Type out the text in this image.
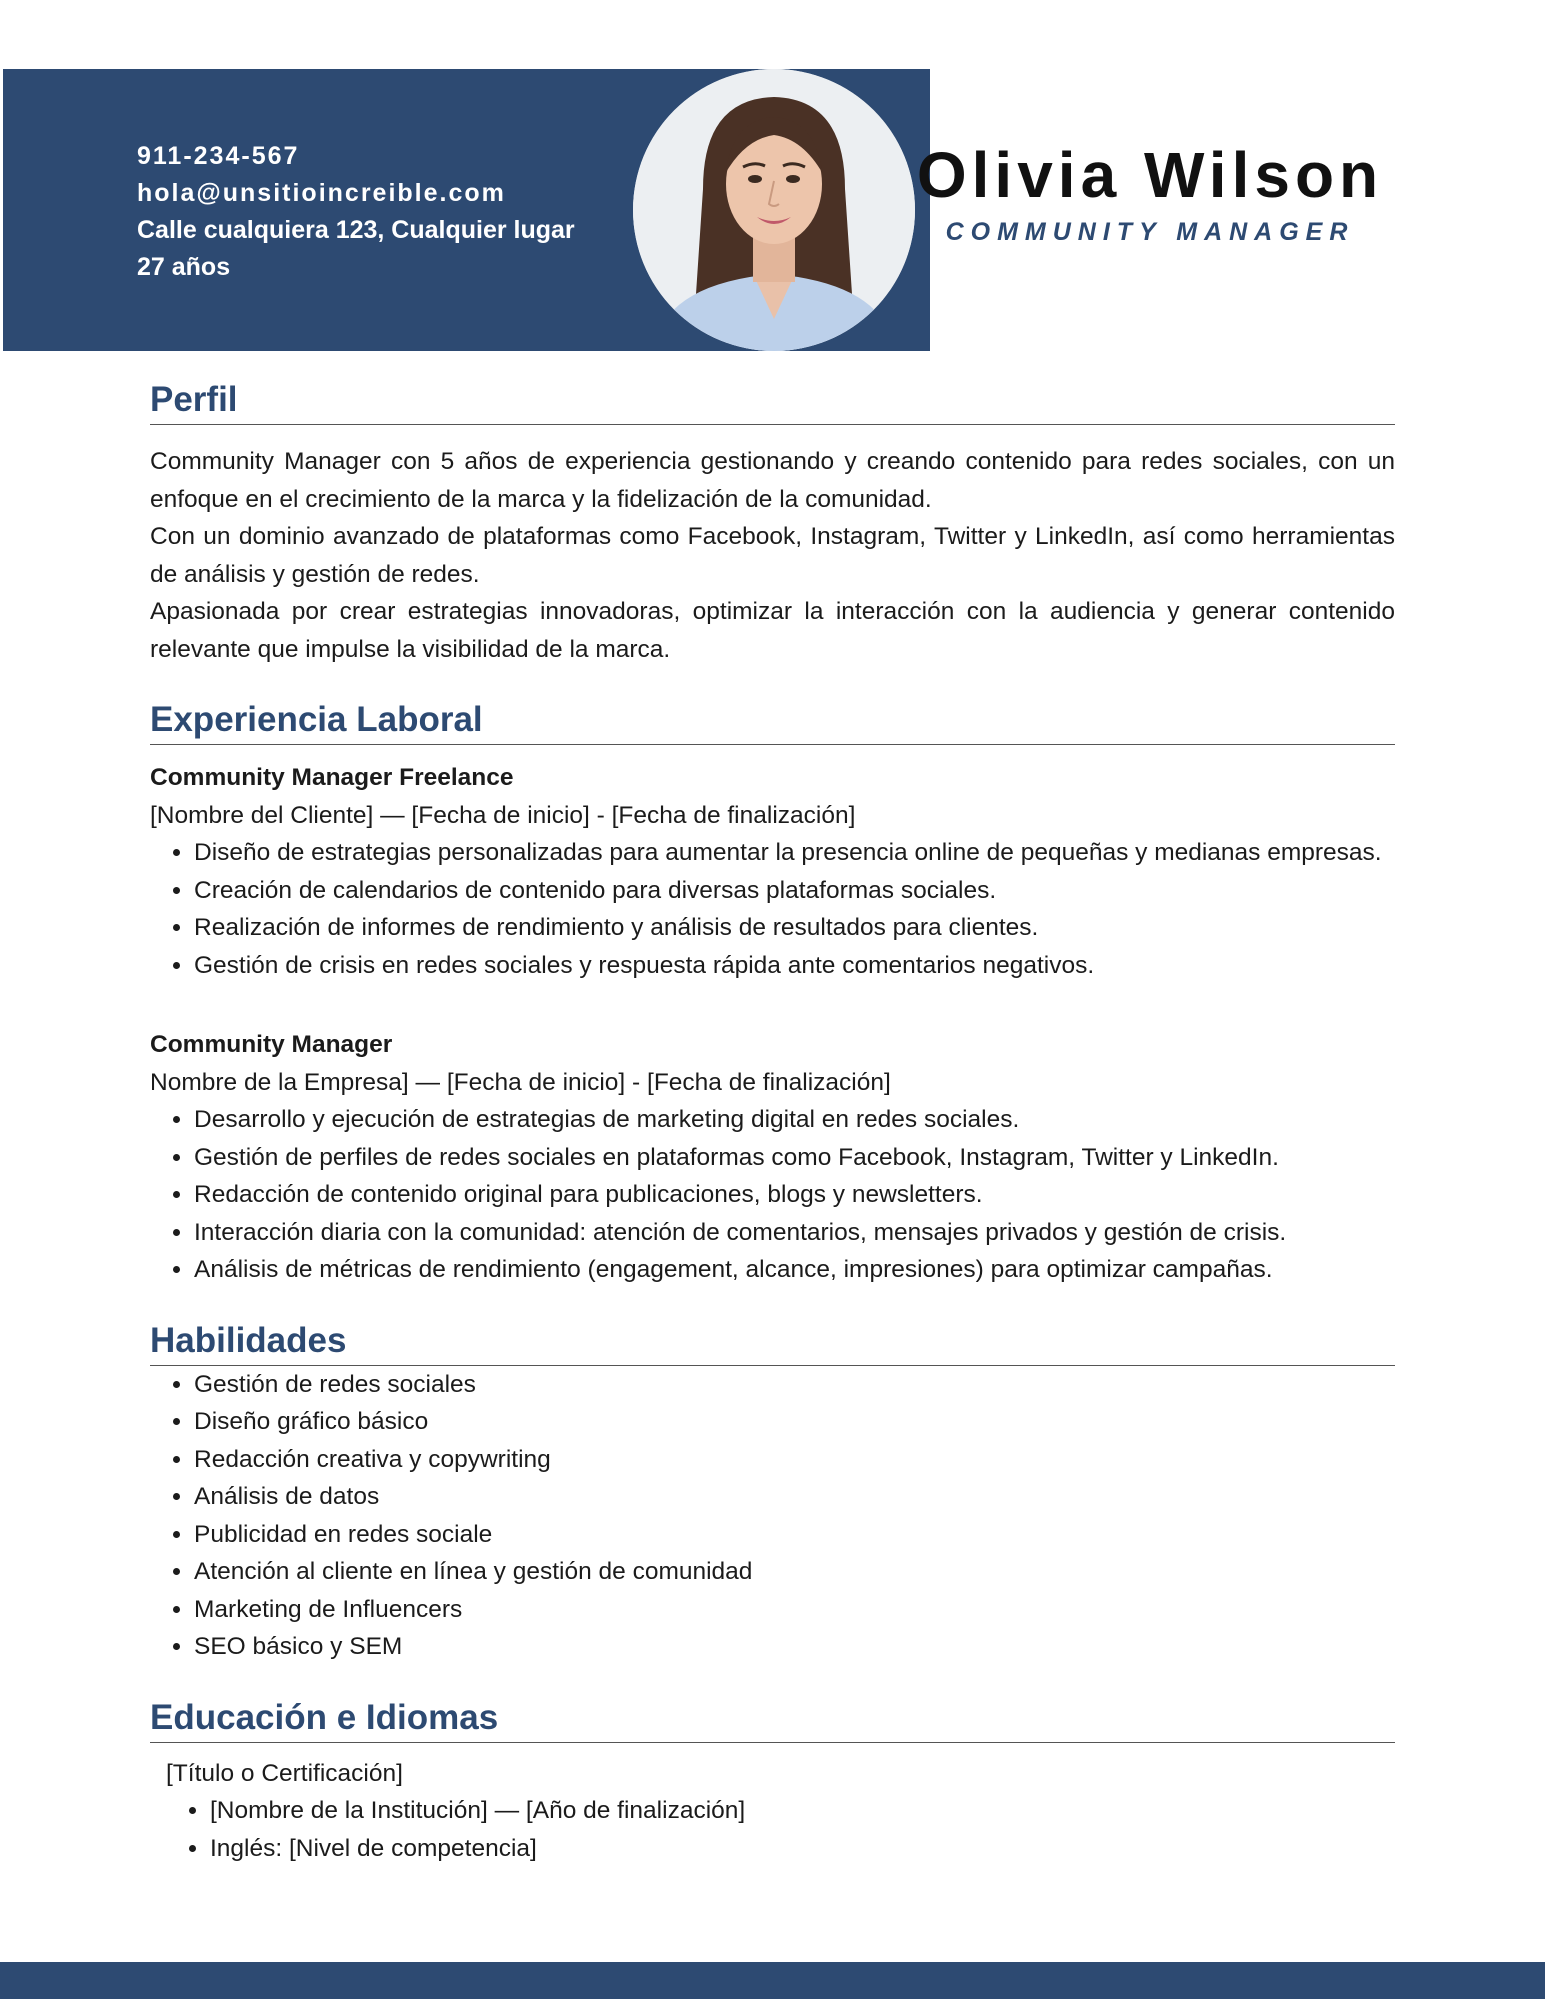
911-234-567
hola@unsitioincreible.com
Calle cualquiera 123, Cualquier lugar
27 años
Olivia Wilson
COMMUNITY MANAGER
Perfil

Community Manager con 5 años de experiencia gestionando y creando contenido para redes sociales, con un enfoque en el crecimiento de la marca y la fidelización de la comunidad.

Con un dominio avanzado de plataformas como Facebook, Instagram, Twitter y LinkedIn, así como herramientas de análisis y gestión de redes.

Apasionada por crear estrategias innovadoras, optimizar la interacción con la audiencia y generar contenido relevante que impulse la visibilidad de la marca.

Experiencia Laboral

Community Manager Freelance

[Nombre del Cliente] — [Fecha de inicio] - [Fecha de finalización]

• Diseño de estrategias personalizadas para aumentar la presencia online de pequeñas y medianas empresas.
• Creación de calendarios de contenido para diversas plataformas sociales.
• Realización de informes de rendimiento y análisis de resultados para clientes.
• Gestión de crisis en redes sociales y respuesta rápida ante comentarios negativos.

Community Manager

Nombre de la Empresa] — [Fecha de inicio] - [Fecha de finalización]

• Desarrollo y ejecución de estrategias de marketing digital en redes sociales.
• Gestión de perfiles de redes sociales en plataformas como Facebook, Instagram, Twitter y LinkedIn.
• Redacción de contenido original para publicaciones, blogs y newsletters.
• Interacción diaria con la comunidad: atención de comentarios, mensajes privados y gestión de crisis.
• Análisis de métricas de rendimiento (engagement, alcance, impresiones) para optimizar campañas.
Habilidades
• Gestión de redes sociales
• Diseño gráfico básico
• Redacción creativa y copywriting
• Análisis de datos
• Publicidad en redes sociale
• Atención al cliente en línea y gestión de comunidad
• Marketing de Influencers
• SEO básico y SEM
Educación e Idiomas

[Título o Certificación]

• [Nombre de la Institución] — [Año de finalización]
• Inglés: [Nivel de competencia]
